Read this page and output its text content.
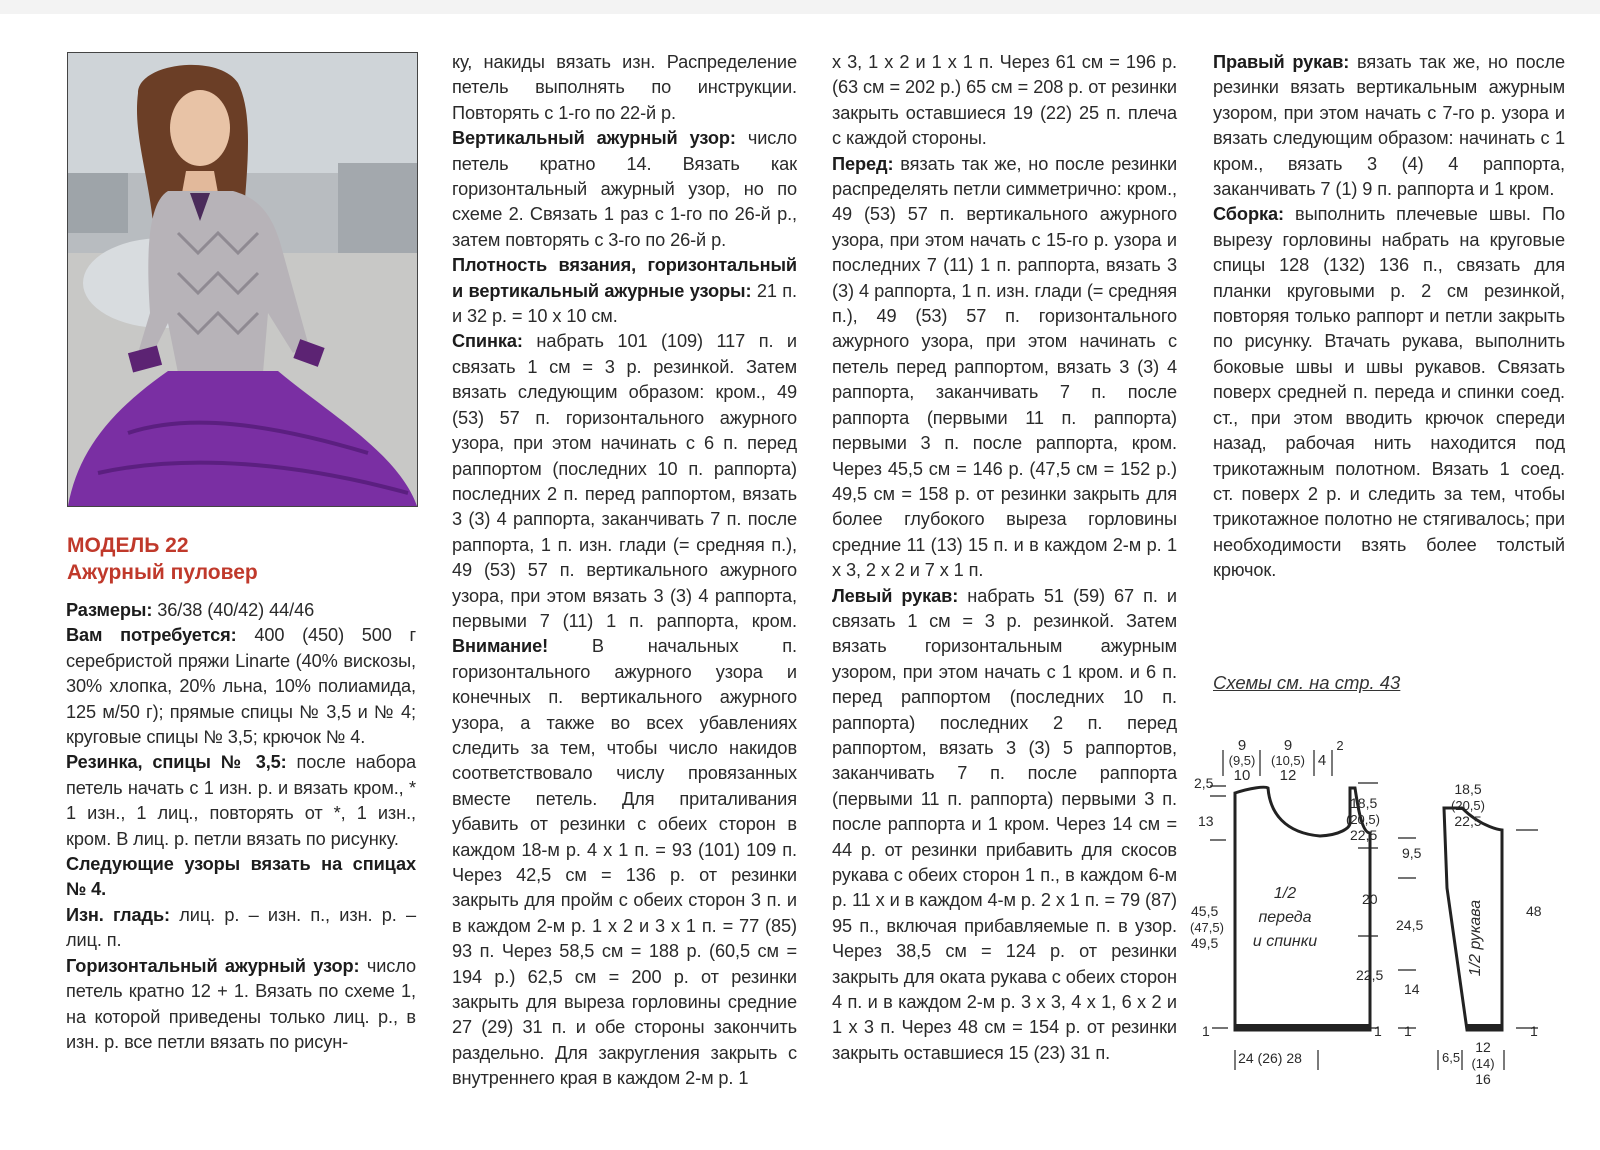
МОДЕЛЬ 22
Ажурный пуловер

Размеры: 36/38 (40/42) 44/46

Вам потребуется: 400 (450) 500 г серебристой пряжи Linarte (40% вискозы, 30% хлопка, 20% льна, 10% полиамида, 125 м/50 г); прямые спицы № 3,5 и № 4; круговые спицы № 3,5; крючок № 4.

Резинка, спицы № 3,5: после набора петель начать с 1 изн. р. и вязать кром., * 1 изн., 1 лиц., повторять от *, 1 изн., кром. В лиц. р. петли вязать по рисунку.

Следующие узоры вязать на спицах № 4.

Изн. гладь: лиц. р. – изн. п., изн. р. – лиц. п.

Горизонтальный ажурный узор: число петель кратно 12 + 1. Вязать по схеме 1, на которой приведены только лиц. р., в изн. р. все петли вязать по рисун-

ку, накиды вязать изн. Распределение петель выполнять по инструкции. Повторять с 1-го по 22-й р.

Вертикальный ажурный узор: число петель кратно 14. Вязать как горизонтальный ажурный узор, но по схеме 2. Связать 1 раз с 1-го по 26-й р., затем повторять с 3-го по 26-й р.

Плотность вязания, горизонтальный и вертикальный ажурные узоры: 21 п. и 32 р. = 10 х 10 см.

Спинка: набрать 101 (109) 117 п. и связать 1 см = 3 р. резинкой. Затем вязать следующим образом: кром., 49 (53) 57 п. горизонтального ажурного узора, при этом начинать с 6 п. перед раппортом (последних 10 п. раппорта) последних 2 п. перед раппортом, вязать 3 (3) 4 раппорта, заканчивать 7 п. после раппорта, 1 п. изн. глади (= средняя п.), 49 (53) 57 п. вертикального ажурного узора, при этом вязать 3 (3) 4 раппорта, первыми 7 (11) 1 п. раппорта, кром. Внимание! В начальных п. горизонтального ажурного узора и конечных п. вертикального ажурного узора, а также во всех убавлениях следить за тем, чтобы число накидов соответствовало числу провязанных вместе петель. Для приталивания убавить от резинки с обеих сторон в каждом 18-м р. 4 х 1 п. = 93 (101) 109 п. Через 42,5 см = 136 р. от резинки закрыть для пройм с обеих сторон 3 п. и в каждом 2-м р. 1 х 2 и 3 х 1 п. = 77 (85) 93 п. Через 58,5 см = 188 р. (60,5 см = 194 р.) 62,5 см = 200 р. от резинки закрыть для выреза горловины средние 27 (29) 31 п. и обе стороны закончить раздельно. Для закругления закрыть с внутреннего края в каждом 2-м р. 1

х 3, 1 х 2 и 1 х 1 п. Через 61 см = 196 р. (63 см = 202 р.) 65 см = 208 р. от резинки закрыть оставшиеся 19 (22) 25 п. плеча с каждой стороны.

Перед: вязать так же, но после резинки распределять петли симметрично: кром., 49 (53) 57 п. вертикального ажурного узора, при этом начать с 15-го р. узора и последних 7 (11) 1 п. раппорта, вязать 3 (3) 4 раппорта, 1 п. изн. глади (= средняя п.), 49 (53) 57 п. горизонтального ажурного узора, при этом начинать с петель перед раппортом, вязать 3 (3) 4 раппорта, заканчивать 7 п. после раппорта (первыми 11 п. раппорта) первыми 3 п. после раппорта, кром. Через 45,5 см = 146 р. (47,5 см = 152 р.) 49,5 см = 158 р. от резинки закрыть для более глубокого выреза горловины средние 11 (13) 15 п. и в каждом 2-м р. 1 х 3, 2 х 2 и 7 х 1 п.

Левый рукав: набрать 51 (59) 67 п. и связать 1 см = 3 р. резинкой. Затем вязать горизонтальным ажурным узором, при этом начать с 1 кром. и 6 п. перед раппортом (последних 10 п. раппорта) последних 2 п. перед раппортом, вязать 3 (3) 5 раппортов, заканчивать 7 п. после раппорта (первыми 11 п. раппорта) первыми 3 п. после раппорта и 1 кром. Через 14 см = 44 р. от резинки прибавить для скосов рукава с обеих сторон 1 п., в каждом 6-м р. 11 х и в каждом 4-м р. 2 х 1 п. = 79 (87) 95 п., включая прибавляемые п. в узор. Через 38,5 см = 124 р. от резинки закрыть для оката рукава с обеих сторон 4 п. и в каждом 2-м р. 3 х 3, 4 х 1, 6 х 2 и 1 х 3 п. Через 48 см = 154 р. от резинки закрыть оставшиеся 15 (23) 31 п.

Правый рукав: вязать так же, но после резинки вязать вертикальным ажурным узором, при этом начать с 7-го р. узора и вязать следующим образом: начинать с 1 кром., вязать 3 (4) 4 раппорта, заканчивать 7 (1) 9 п. раппорта и 1 кром.

Сборка: выполнить плечевые швы. По вырезу горловины набрать на круговые спицы 128 (132) 136 п., связать для планки круговыми р. 2 см резинкой, повторяя только раппорт и петли закрыть по рисунку. Втачать рукава, выполнить боковые швы и швы рукавов. Связать поверх средней п. переда и спинки соед. ст., при этом вводить крючок спереди назад, рабочая нить находится под трикотажным полотном. Вязать 1 соед. ст. поверх 2 р. и следить за тем, чтобы трикотажное полотно не стягивалось; при необходимости взять более толстый крючок.

Схемы см. на стр. 43
9
(9,5)
10
9
(10,5)
12
4
2
2,5
13
45,5
(47,5)
49,5
1
18,5
(20,5)
22,5
20
22,5
1
1/2
переда
и спинки
24 (26) 28
18,5
(20,5)
22,5
9,5
24,5
14
1
48
1
1/2 рукава
6,5
12
(14)
16
